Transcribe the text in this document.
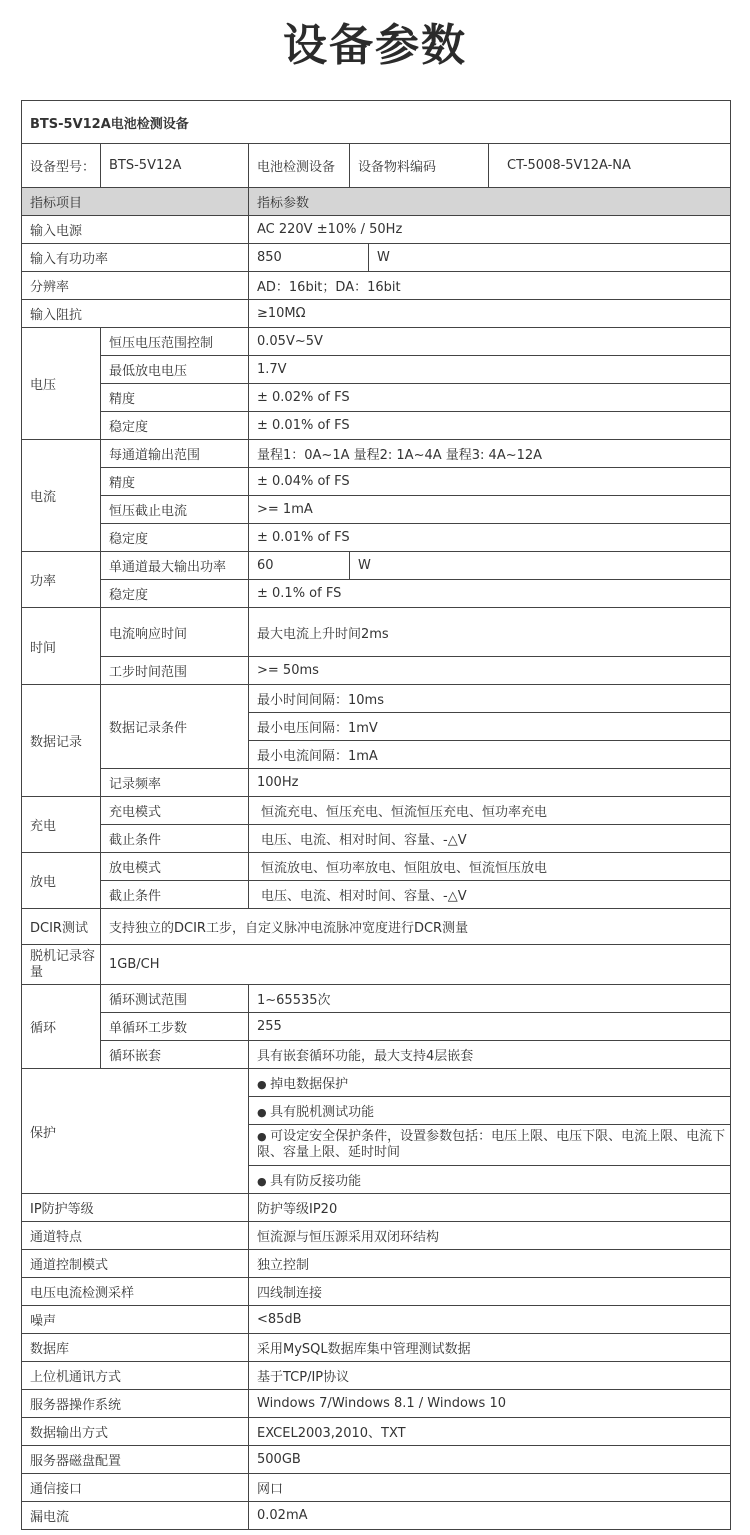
设备参数
BTS-5V12A电池检测设备					
设备型号：	BTS-5V12A	电池检测设备	设备物料编码		CT-5008-5V12A-NA
指标项目		指标参数			
输入电源		AC 220V ±10% / 50Hz			
输入有功功率		850		W	
分辨率		AD：16bit；DA：16bit			
输入阻抗		≥10MΩ			
电压	恒压电压范围控制	0.05V~5V			
	最低放电电压	1.7V			
	精度	± 0.02% of FS			
	稳定度	± 0.01% of FS			
电流	每通道输出范围	量程1：0A~1A 量程2: 1A~4A 量程3: 4A~12A			
	精度	± 0.04% of FS			
	恒压截止电流	>= 1mA			
	稳定度	± 0.01% of FS			
功率	单通道最大输出功率	60	W		
	稳定度	± 0.1% of FS			
时间	电流响应时间	最大电流上升时间2ms			
	工步时间范围	>= 50ms			
数据记录	数据记录条件	最小时间间隔：10ms			
		最小电压间隔：1mV			
		最小电流间隔：1mA			
	记录频率	100Hz			
充电	充电模式	恒流充电、恒压充电、恒流恒压充电、恒功率充电			
	截止条件	电压、电流、相对时间、容量、-△V			
放电	放电模式	恒流放电、恒功率放电、恒阻放电、恒流恒压放电			
	截止条件	电压、电流、相对时间、容量、-△V			
DCIR测试	支持独立的DCIR工步，自定义脉冲电流脉冲宽度进行DCR测量				
脱机记录容　量	1GB/CH				
循环	循环测试范围	1~65535次			
	单循环工步数	255			
	循环嵌套	具有嵌套循环功能，最大支持4层嵌套			
保护		● 掉电数据保护
		● 具有脱机测试功能
		● 可设定安全保护条件，设置参数包括：电压上限、电压下限、电流上限、电流下限、容量上限、延时时间
		● 具有防反接功能
IP防护等级		防护等级IP20			
通道特点		恒流源与恒压源采用双闭环结构			
通道控制模式		独立控制			
电压电流检测采样		四线制连接			
噪声		<85dB			
数据库		采用MySQL数据库集中管理测试数据			
上位机通讯方式		基于TCP/IP协议			
服务器操作系统		Windows 7/Windows 8.1 / Windows 10			
数据输出方式		EXCEL2003,2010、TXT			
服务器磁盘配置		500GB			
通信接口		网口			
漏电流		0.02mA			
